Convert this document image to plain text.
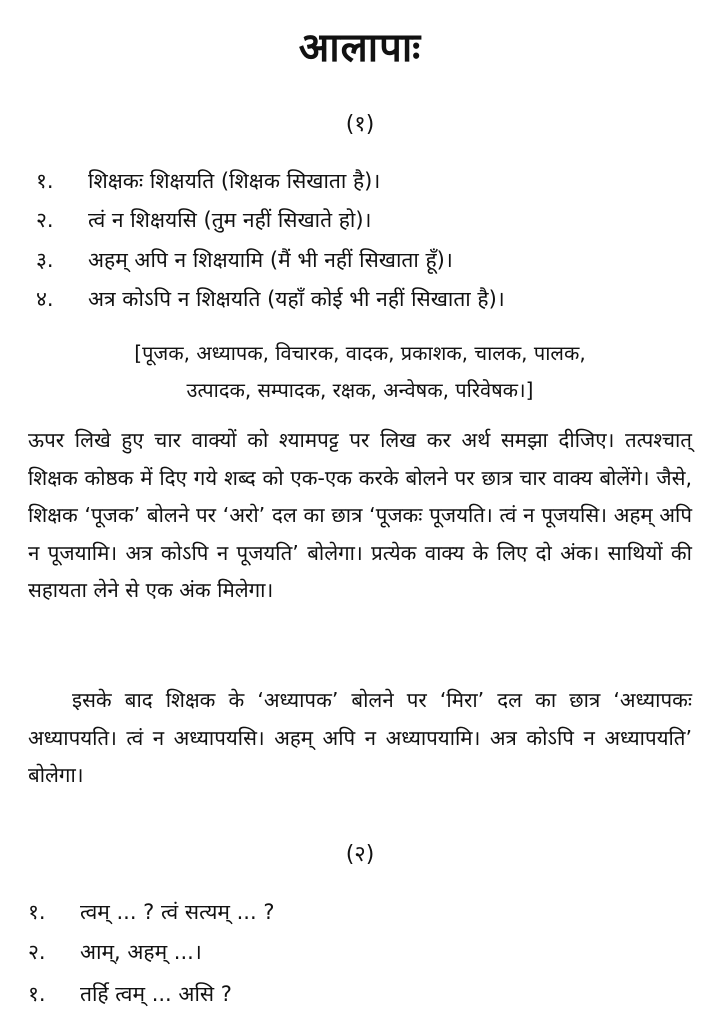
आलापाः
(१)
१. शिक्षकः शिक्षयति (शिक्षक सिखाता है)।
२. त्वं न शिक्षयसि (तुम नहीं सिखाते हो)।
३. अहम् अपि न शिक्षयामि (मैं भी नहीं सिखाता हूँ)।
४. अत्र कोऽपि न शिक्षयति (यहाँ कोई भी नहीं सिखाता है)।
[पूजक, अध्यापक, विचारक, वादक, प्रकाशक, चालक, पालक,
उत्पादक, सम्पादक, रक्षक, अन्वेषक, परिवेषक।]
ऊपर लिखे हुए चार वाक्यों को श्यामपट्ट पर लिख कर अर्थ समझा दीजिए। तत्पश्चात् शिक्षक कोष्ठक में दिए गये शब्द को एक-एक करके बोलने पर छात्र चार वाक्य बोलेंगे। जैसे, शिक्षक ‘पूजक’ बोलने पर ‘अरो’ दल का छात्र ‘पूजकः पूजयति। त्वं न पूजयसि। अहम् अपि न पूजयामि। अत्र कोऽपि न पूजयति’ बोलेगा। प्रत्येक वाक्य के लिए दो अंक। साथियों की सहायता लेने से एक अंक मिलेगा।
इसके बाद शिक्षक के ‘अध्यापक’ बोलने पर ‘मिरा’ दल का छात्र ‘अध्यापकः अध्यापयति। त्वं न अध्यापयसि। अहम् अपि न अध्यापयामि। अत्र कोऽपि न अध्यापयति’ बोलेगा।
(२)
१. त्वम् ... ? त्वं सत्यम् ... ?
२. आम्, अहम् ...।
१. तर्हि त्वम् ... असि ?
